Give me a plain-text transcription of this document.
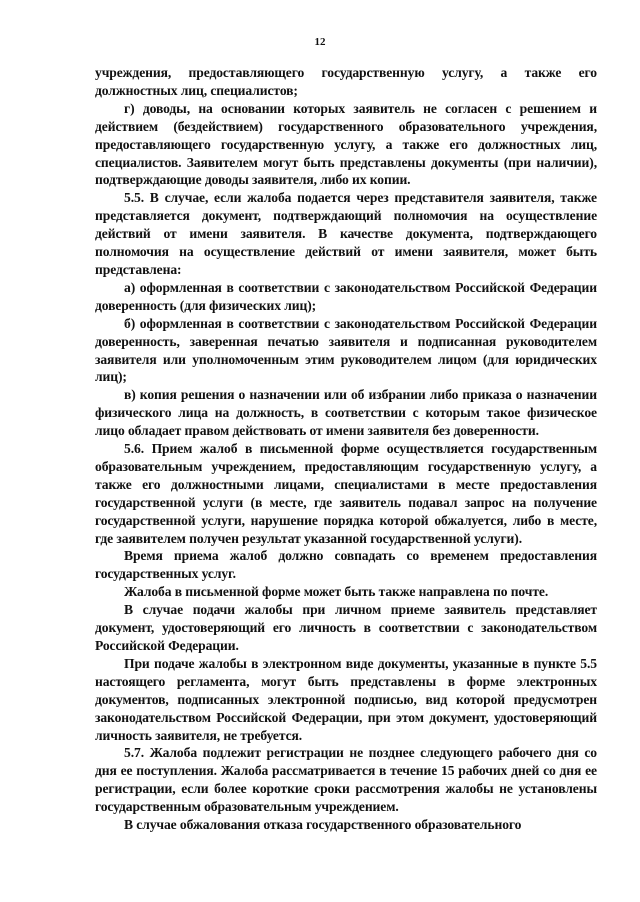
12

учреждения, предоставляющего государственную услугу, а также его должностных лиц, специалистов;

г) доводы, на основании которых заявитель не согласен с решением и действием (бездействием) государственного образовательного учреждения, предоставляющего государственную услугу, а также его должностных лиц, специалистов. Заявителем могут быть представлены документы (при наличии), подтверждающие доводы заявителя, либо их копии.

5.5. В случае, если жалоба подается через представителя заявителя, также представляется документ, подтверждающий полномочия на осуществление действий от имени заявителя. В качестве документа, подтверждающего полномочия на осуществление действий от имени заявителя, может быть представлена:

а) оформленная в соответствии с законодательством Российской Федерации доверенность (для физических лиц);

б) оформленная в соответствии с законодательством Российской Федерации доверенность, заверенная печатью заявителя и подписанная руководителем заявителя или уполномоченным этим руководителем лицом (для юридических лиц);

в) копия решения о назначении или об избрании либо приказа о назначении физического лица на должность, в соответствии с которым такое физическое лицо обладает правом действовать от имени заявителя без доверенности.

5.6. Прием жалоб в письменной форме осуществляется государственным образовательным учреждением, предоставляющим государственную услугу, а также его должностными лицами, специалистами в месте предоставления государственной услуги (в месте, где заявитель подавал запрос на получение государственной услуги, нарушение порядка которой обжалуется, либо в месте, где заявителем получен результат указанной государственной услуги).

Время приема жалоб должно совпадать со временем предоставления государственных услуг.

Жалоба в письменной форме может быть также направлена по почте.

В случае подачи жалобы при личном приеме заявитель представляет документ, удостоверяющий его личность в соответствии с законодательством Российской Федерации.

При подаче жалобы в электронном виде документы, указанные в пункте 5.5 настоящего регламента, могут быть представлены в форме электронных документов, подписанных электронной подписью, вид которой предусмотрен законодательством Российской Федерации, при этом документ, удостоверяющий личность заявителя, не требуется.

5.7. Жалоба подлежит регистрации не позднее следующего рабочего дня со дня ее поступления. Жалоба рассматривается в течение 15 рабочих дней со дня ее регистрации, если более короткие сроки рассмотрения жалобы не установлены государственным образовательным учреждением.

В случае обжалования отказа государственного образовательного
